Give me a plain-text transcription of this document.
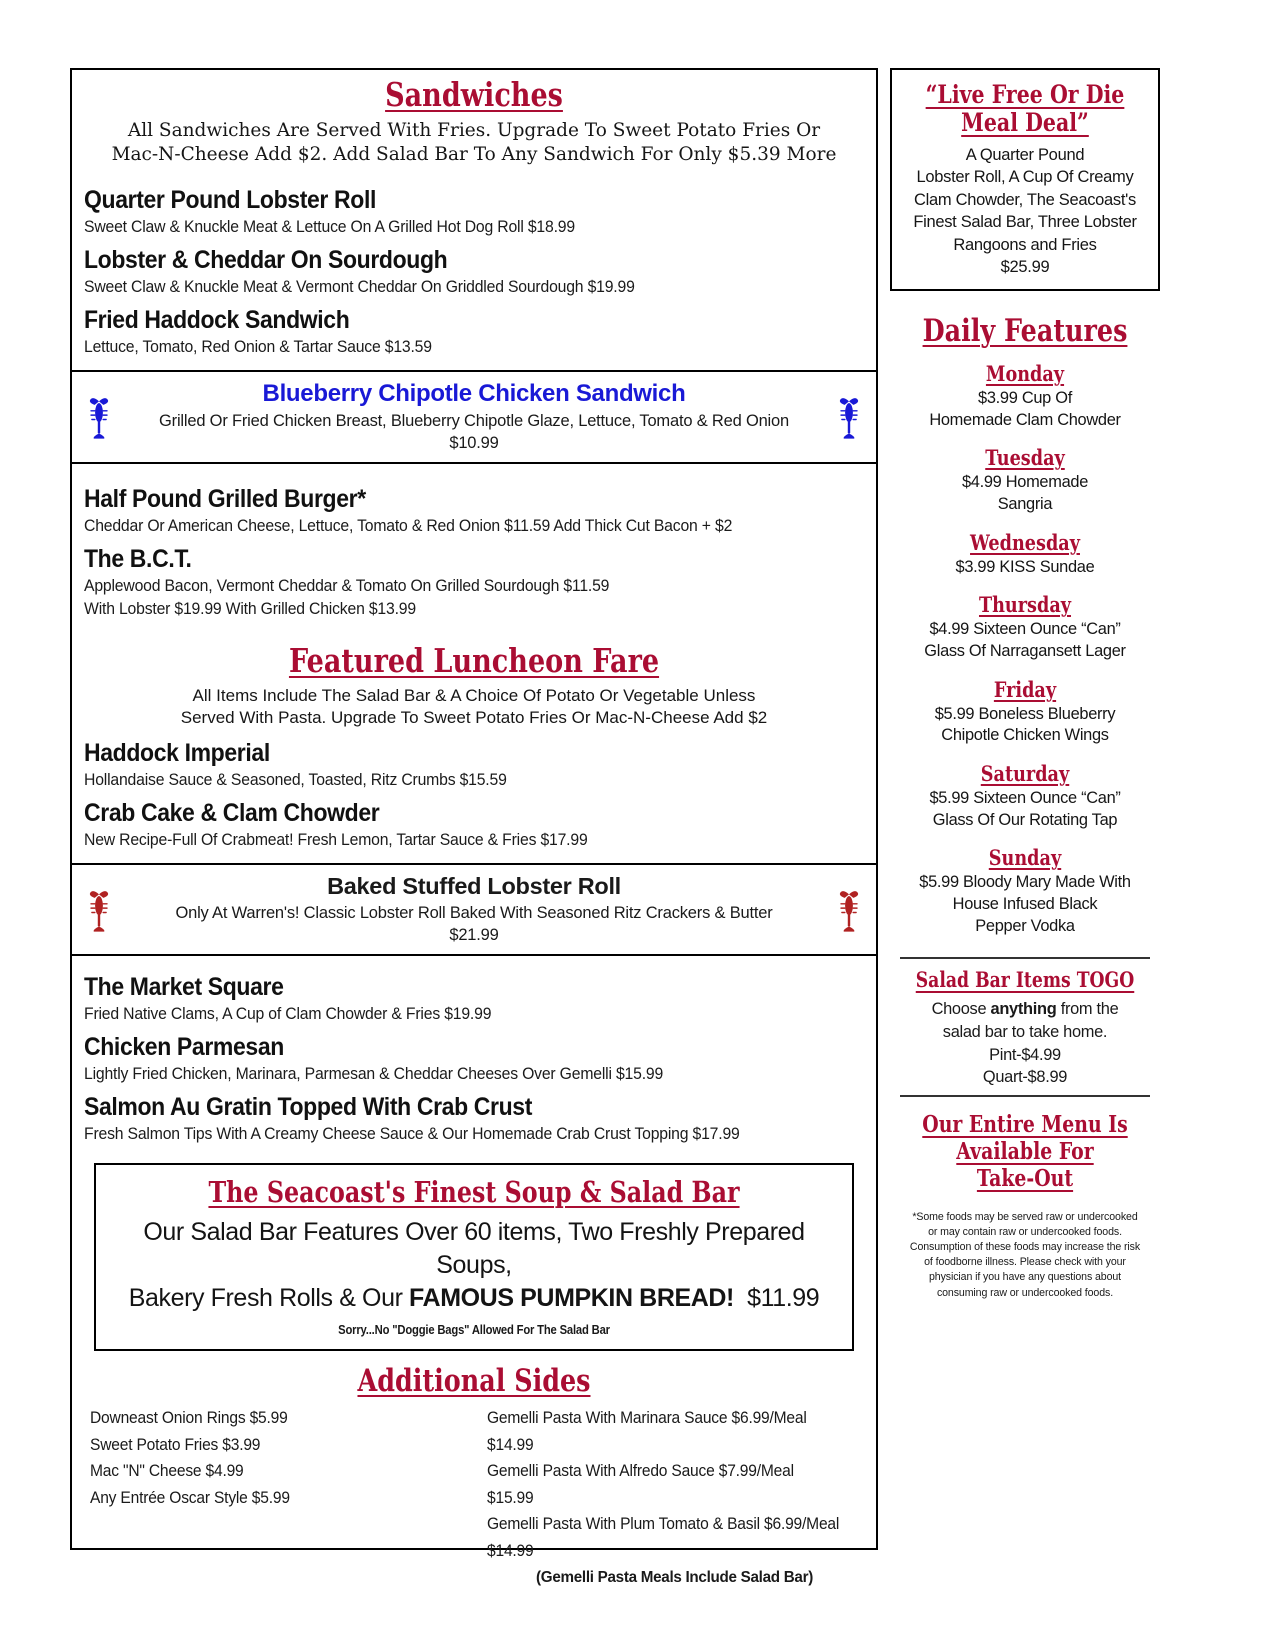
Sandwiches
All Sandwiches Are Served With Fries. Upgrade To Sweet Potato Fries Or
Mac-N-Cheese Add $2. Add Salad Bar To Any Sandwich For Only $5.39 More
Quarter Pound Lobster Roll
Sweet Claw & Knuckle Meat & Lettuce On A Grilled Hot Dog Roll $18.99
Lobster & Cheddar On Sourdough
Sweet Claw & Knuckle Meat & Vermont Cheddar On Griddled Sourdough $19.99
Fried Haddock Sandwich
Lettuce, Tomato, Red Onion & Tartar Sauce $13.59
Blueberry Chipotle Chicken Sandwich
Grilled Or Fried Chicken Breast, Blueberry Chipotle Glaze, Lettuce, Tomato & Red Onion
$10.99
Half Pound Grilled Burger*
Cheddar Or American Cheese, Lettuce, Tomato & Red Onion $11.59 Add Thick Cut Bacon + $2
The B.C.T.
Applewood Bacon, Vermont Cheddar & Tomato On Grilled Sourdough $11.59
With Lobster $19.99 With Grilled Chicken $13.99
Featured Luncheon Fare
All Items Include The Salad Bar & A Choice Of Potato Or Vegetable Unless
Served With Pasta. Upgrade To Sweet Potato Fries Or Mac-N-Cheese Add $2
Haddock Imperial
Hollandaise Sauce & Seasoned, Toasted, Ritz Crumbs $15.59
Crab Cake & Clam Chowder
New Recipe-Full Of Crabmeat! Fresh Lemon, Tartar Sauce & Fries $17.99
Baked Stuffed Lobster Roll
Only At Warren's! Classic Lobster Roll Baked With Seasoned Ritz Crackers & Butter
$21.99
The Market Square
Fried Native Clams, A Cup of Clam Chowder & Fries $19.99
Chicken Parmesan
Lightly Fried Chicken, Marinara, Parmesan & Cheddar Cheeses Over Gemelli $15.99
Salmon Au Gratin Topped With Crab Crust
Fresh Salmon Tips With A Creamy Cheese Sauce & Our Homemade Crab Crust Topping $17.99
The Seacoast's Finest Soup & Salad Bar
Our Salad Bar Features Over 60 items, Two Freshly Prepared Soups,
Bakery Fresh Rolls & Our FAMOUS PUMPKIN BREAD! $11.99
Sorry...No "Doggie Bags" Allowed For The Salad Bar
Additional Sides
Downeast Onion Rings $5.99
Sweet Potato Fries $3.99
Mac "N" Cheese $4.99
Any Entrée Oscar Style $5.99
Gemelli Pasta With Marinara Sauce $6.99/Meal $14.99
Gemelli Pasta With Alfredo Sauce $7.99/Meal $15.99
Gemelli Pasta With Plum Tomato & Basil $6.99/Meal $14.99
(Gemelli Pasta Meals Include Salad Bar)
“Live Free Or Die
Meal Deal”
A Quarter Pound
Lobster Roll, A Cup Of Creamy
Clam Chowder, The Seacoast's
Finest Salad Bar, Three Lobster
Rangoons and Fries
$25.99
Daily Features
Monday
$3.99 Cup Of
Homemade Clam Chowder
Tuesday
$4.99 Homemade
Sangria
Wednesday
$3.99 KISS Sundae
Thursday
$4.99 Sixteen Ounce “Can”
Glass Of Narragansett Lager
Friday
$5.99 Boneless Blueberry
Chipotle Chicken Wings
Saturday
$5.99 Sixteen Ounce “Can”
Glass Of Our Rotating Tap
Sunday
$5.99 Bloody Mary Made With
House Infused Black
Pepper Vodka
Salad Bar Items TOGO
Choose anything from the
salad bar to take home.
Pint-$4.99
Quart-$8.99
Our Entire Menu Is
Available For
Take-Out
*Some foods may be served raw or undercooked
or may contain raw or undercooked foods.
Consumption of these foods may increase the risk
of foodborne illness. Please check with your
physician if you have any questions about
consuming raw or undercooked foods.
